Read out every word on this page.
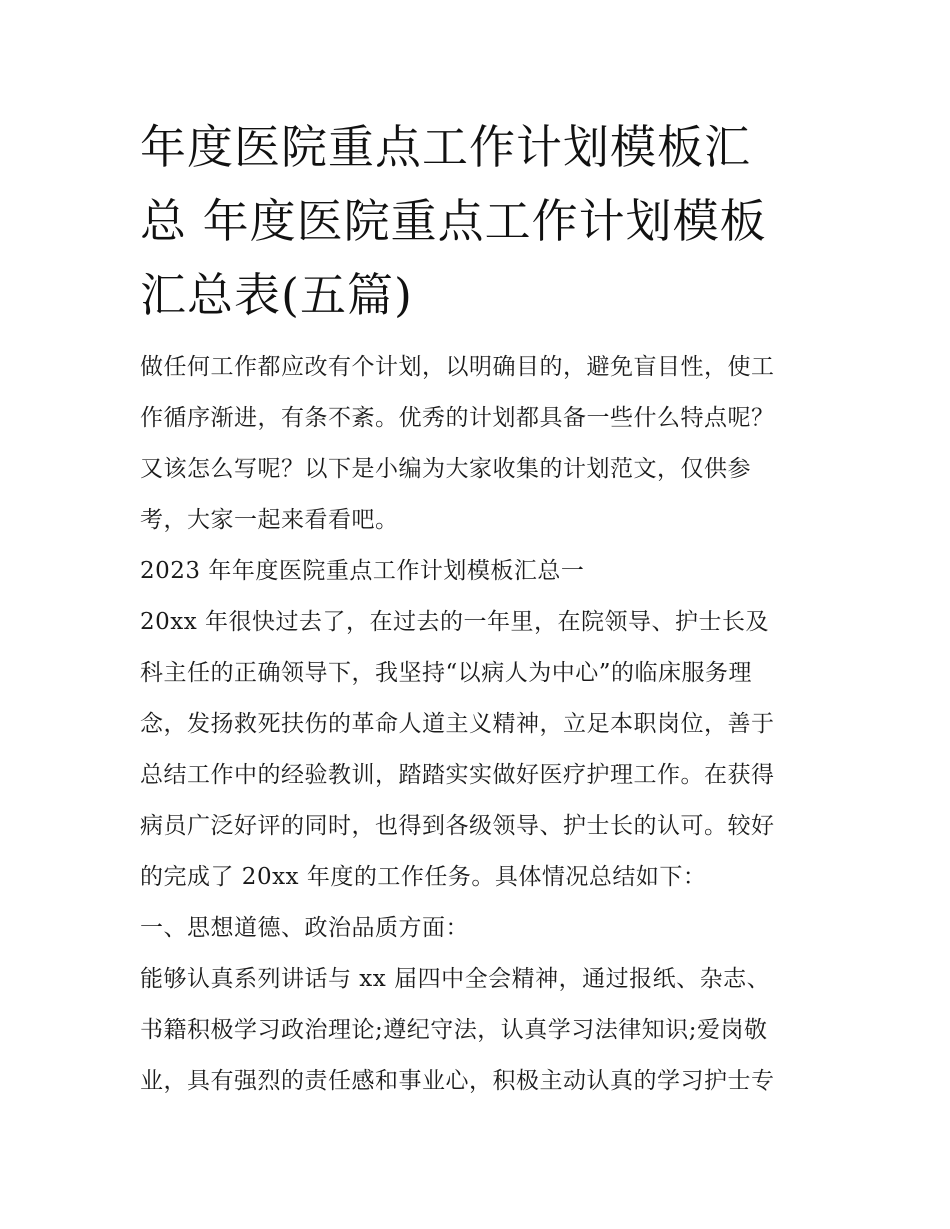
年度医院重点工作计划模板汇

总 年度医院重点工作计划模板

汇总表(五篇)

做任何工作都应改有个计划，以明确目的，避免盲目性，使工

作循序渐进，有条不紊。优秀的计划都具备一些什么特点呢？

又该怎么写呢？以下是小编为大家收集的计划范文，仅供参

考，大家一起来看看吧。

2023 年年度医院重点工作计划模板汇总一

20xx 年很快过去了，在过去的一年里，在院领导、护士长及

科主任的正确领导下，我坚持“以病人为中心”的临床服务理

念，发扬救死扶伤的革命人道主义精神，立足本职岗位，善于

总结工作中的经验教训，踏踏实实做好医疗护理工作。在获得

病员广泛好评的同时，也得到各级领导、护士长的认可。较好

的完成了 20xx 年度的工作任务。具体情况总结如下：

一、思想道德、政治品质方面：

能够认真系列讲话与 xx 届四中全会精神，通过报纸、杂志、

书籍积极学习政治理论;遵纪守法，认真学习法律知识;爱岗敬

业，具有强烈的责任感和事业心，积极主动认真的学习护士专
